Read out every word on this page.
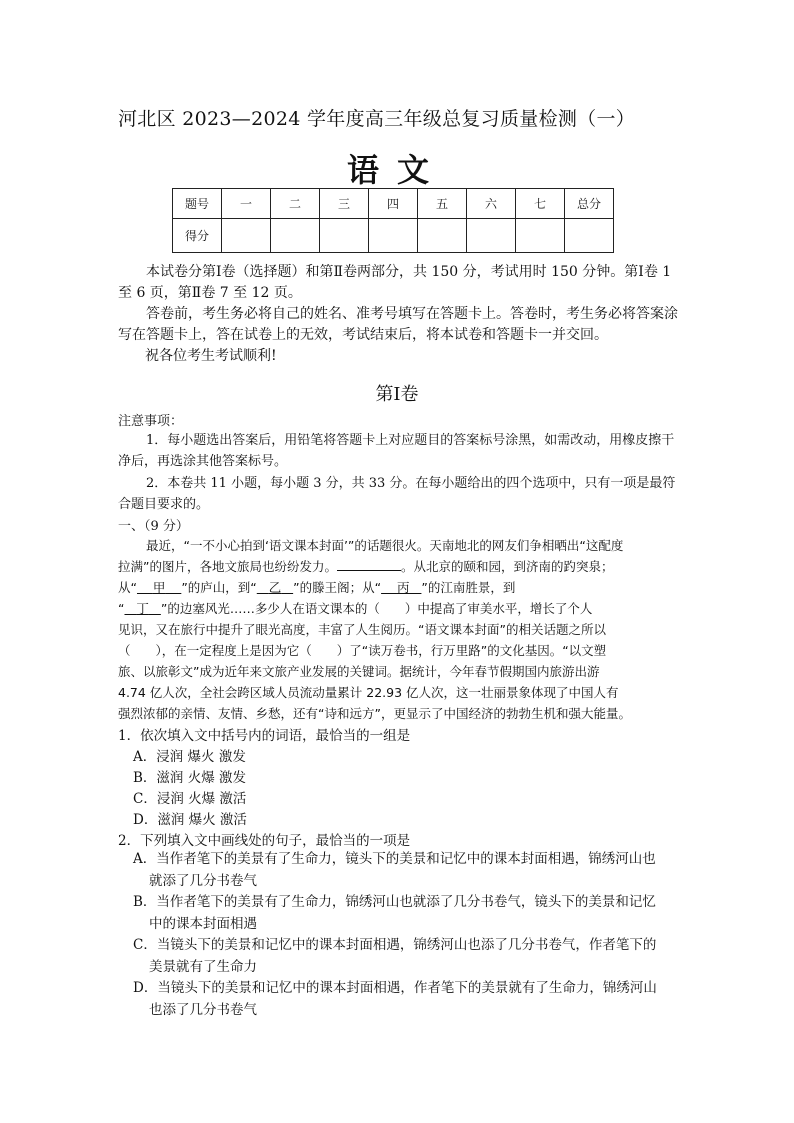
河北区 2023—2024 学年度高三年级总复习质量检测（一）
语文
题号	一	二	三	四	五	六	七	总分
得分								
本试卷分第Ⅰ卷（选择题）和第Ⅱ卷两部分，共 150 分，考试用时 150 分钟。第Ⅰ卷 1 至 6 页，第Ⅱ卷 7 至 12 页。
答卷前，考生务必将自己的姓名、准考号填写在答题卡上。答卷时，考生务必将答案涂写在答题卡上，答在试卷上的无效，考试结束后，将本试卷和答题卡一并交回。
祝各位考生考试顺利!
第Ⅰ卷
注意事项：
1．每小题选出答案后，用铅笔将答题卡上对应题目的答案标号涂黑，如需改动，用橡皮擦干净后，再选涂其他答案标号。
2．本卷共 11 小题，每小题 3 分，共 33 分。在每小题给出的四个选项中，只有一项是最符合题目要求的。
一、（9 分）
最近，“一不小心拍到‘语文课本封面’”的话题很火。天南地北的网友们争相晒出“这配度
拉满”的图片，各地文旅局也纷纷发力。	。从北京的颐和园，到济南的趵突泉；
从“ 甲 ”的庐山，到“ 乙 ”的滕王阁；从“ 丙 ”的江南胜景，到
“ 丁 ”的边塞风光……多少人在语文课本的（　　）中提高了审美水平，增长了个人
见识，又在旅行中提升了眼光高度，丰富了人生阅历。“语文课本封面”的相关话题之所以
（　　），在一定程度上是因为它（　　）了“读万卷书，行万里路”的文化基因。“以文塑
旅、以旅彰文”成为近年来文旅产业发展的关键词。据统计，今年春节假期国内旅游出游
4.74 亿人次，全社会跨区域人员流动量累计 22.93 亿人次，这一壮丽景象体现了中国人有
强烈浓郁的亲情、友情、乡愁，还有“诗和远方”，更显示了中国经济的勃勃生机和强大能量。
1．依次填入文中括号内的词语，最恰当的一组是
A．浸润 爆火 激发
B．滋润 火爆 激发
C．浸润 火爆 激活
D．滋润 爆火 激活
2．下列填入文中画线处的句子，最恰当的一项是
A．当作者笔下的美景有了生命力，镜头下的美景和记忆中的课本封面相遇，锦绣河山也
就添了几分书卷气
B．当作者笔下的美景有了生命力，锦绣河山也就添了几分书卷气，镜头下的美景和记忆
中的课本封面相遇
C．当镜头下的美景和记忆中的课本封面相遇，锦绣河山也添了几分书卷气，作者笔下的
美景就有了生命力
D．当镜头下的美景和记忆中的课本封面相遇，作者笔下的美景就有了生命力，锦绣河山
也添了几分书卷气
